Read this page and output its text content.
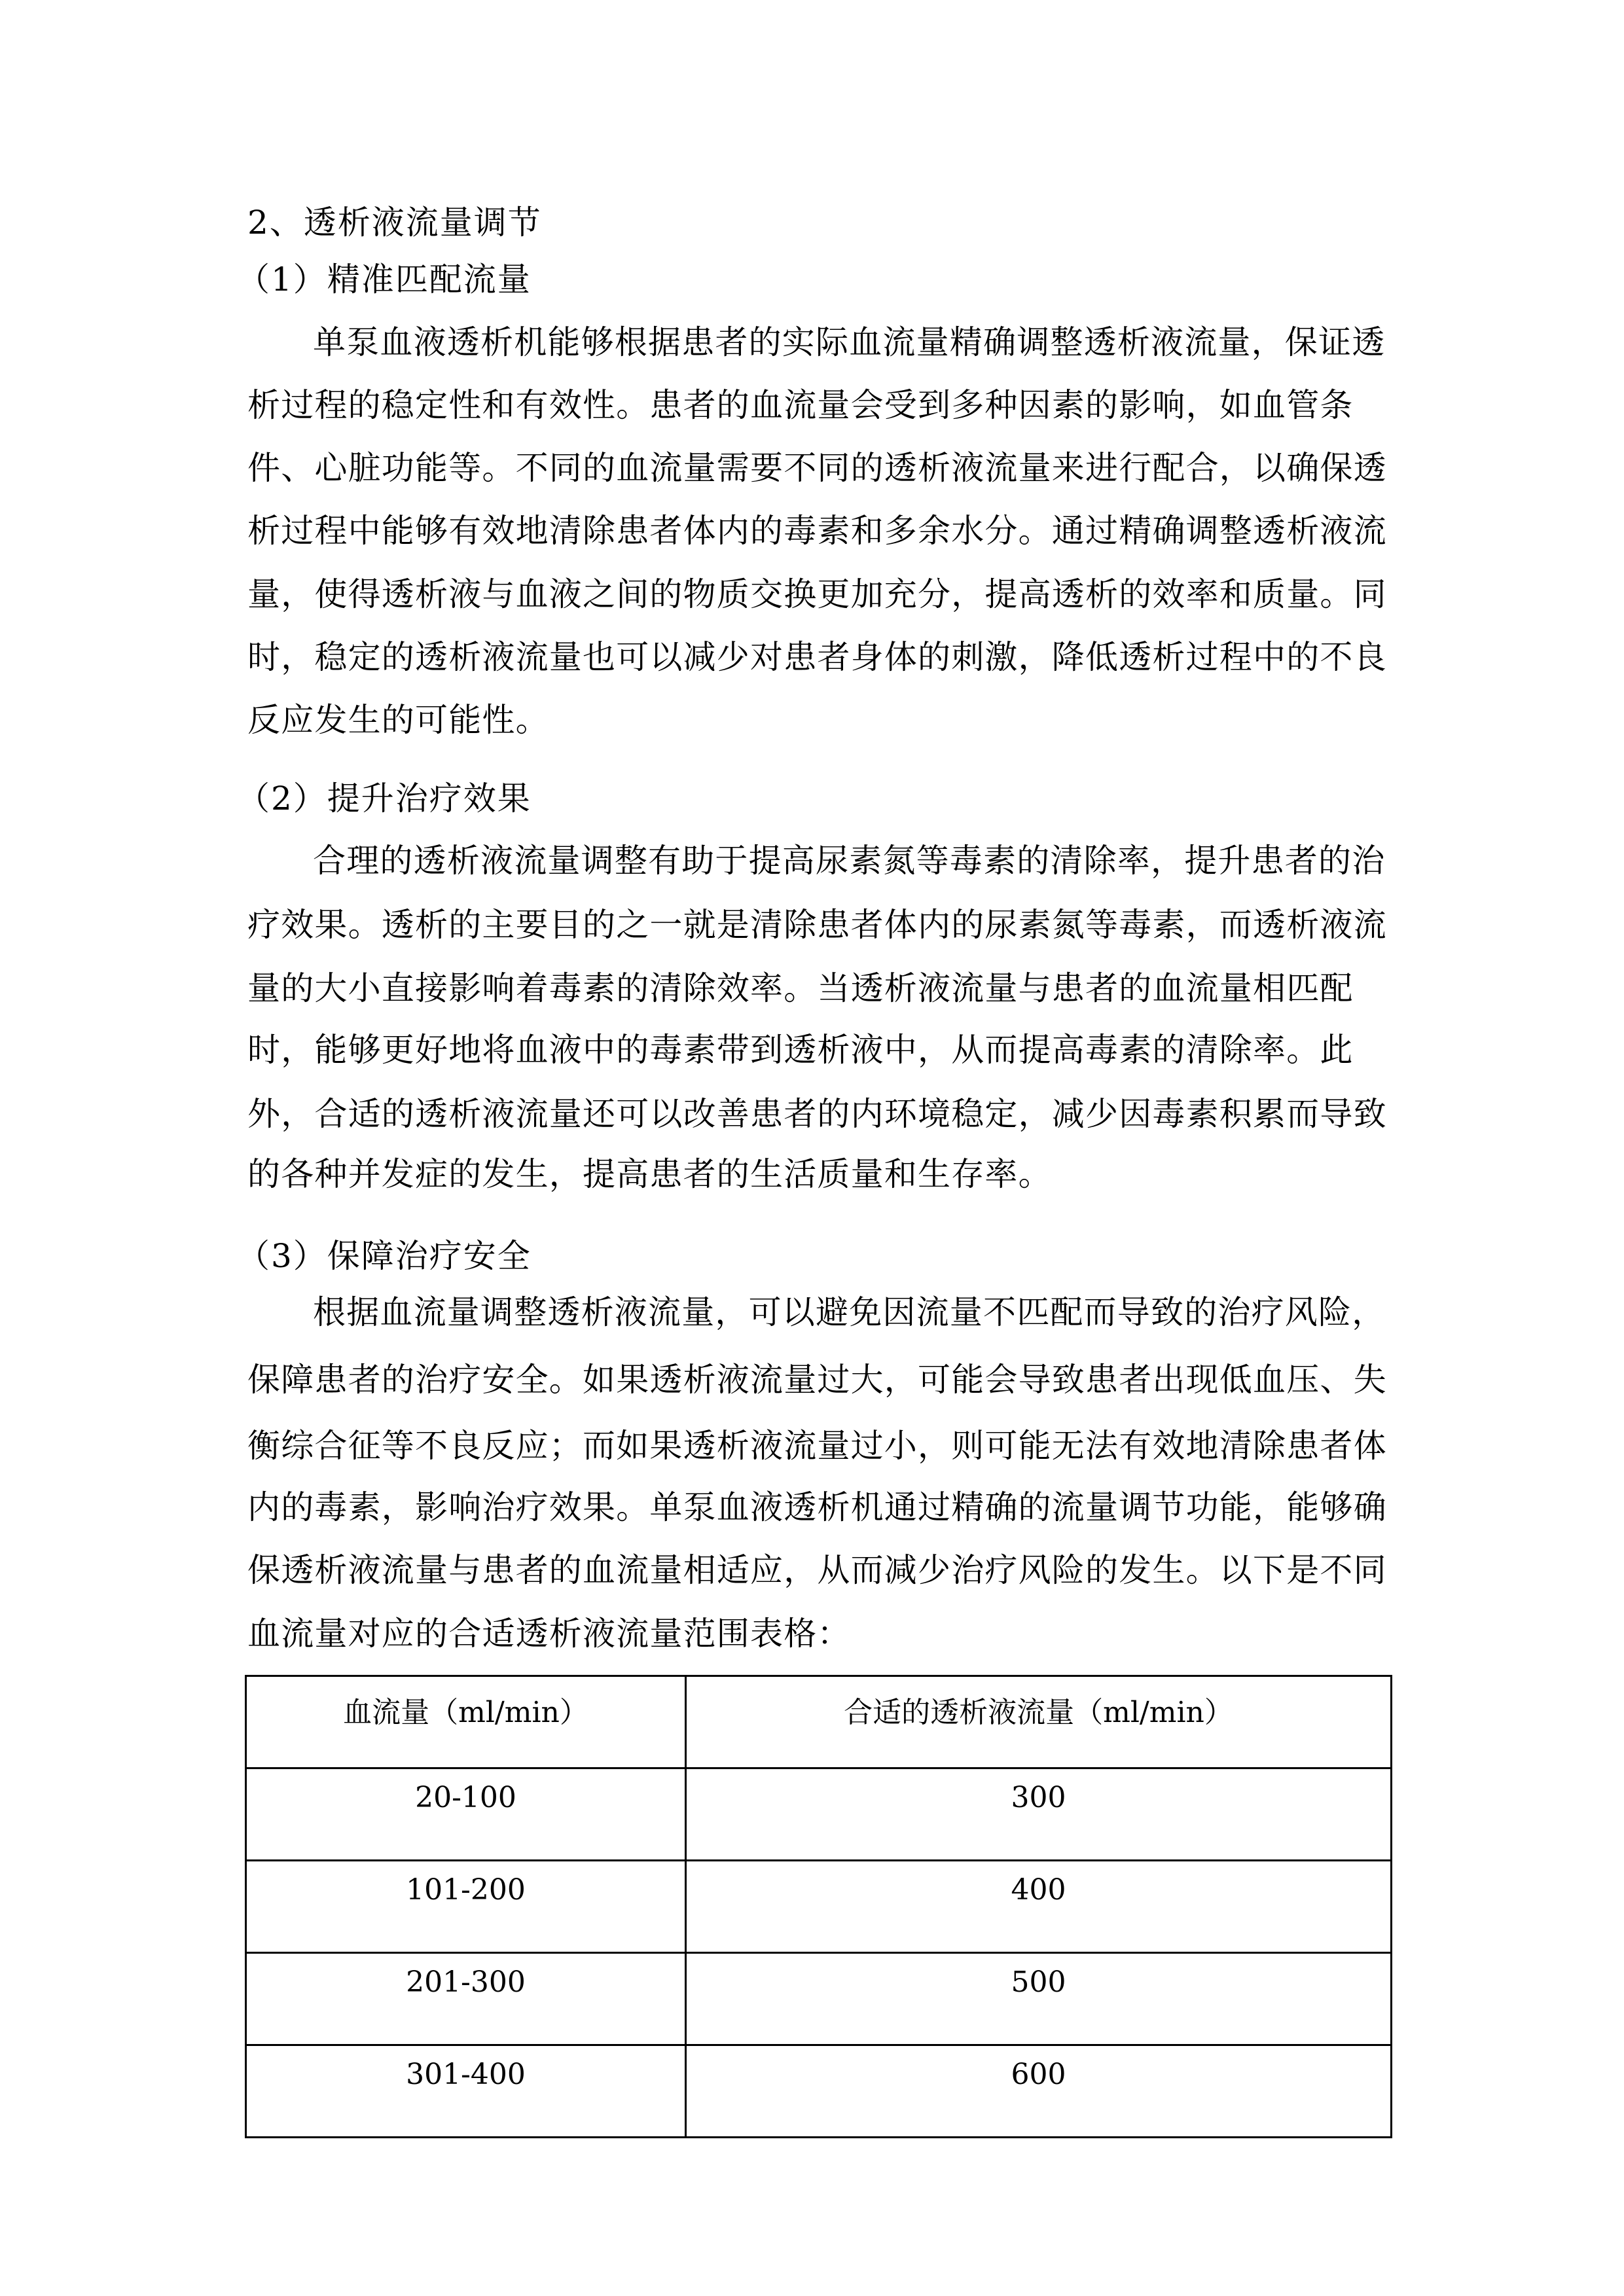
2、透析液流量调节
（1）精准匹配流量
单泵血液透析机能够根据患者的实际血流量精确调整透析液流量，保证透
析过程的稳定性和有效性。患者的血流量会受到多种因素的影响，如血管条
件、心脏功能等。不同的血流量需要不同的透析液流量来进行配合，以确保透
析过程中能够有效地清除患者体内的毒素和多余水分。通过精确调整透析液流
量，使得透析液与血液之间的物质交换更加充分，提高透析的效率和质量。同
时，稳定的透析液流量也可以减少对患者身体的刺激，降低透析过程中的不良
反应发生的可能性。
（2）提升治疗效果
合理的透析液流量调整有助于提高尿素氮等毒素的清除率，提升患者的治
疗效果。透析的主要目的之一就是清除患者体内的尿素氮等毒素，而透析液流
量的大小直接影响着毒素的清除效率。当透析液流量与患者的血流量相匹配
时，能够更好地将血液中的毒素带到透析液中，从而提高毒素的清除率。此
外，合适的透析液流量还可以改善患者的内环境稳定，减少因毒素积累而导致
的各种并发症的发生，提高患者的生活质量和生存率。
（3）保障治疗安全
根据血流量调整透析液流量，可以避免因流量不匹配而导致的治疗风险，
保障患者的治疗安全。如果透析液流量过大，可能会导致患者出现低血压、失
衡综合征等不良反应；而如果透析液流量过小，则可能无法有效地清除患者体
内的毒素，影响治疗效果。单泵血液透析机通过精确的流量调节功能，能够确
保透析液流量与患者的血流量相适应，从而减少治疗风险的发生。以下是不同
血流量对应的合适透析液流量范围表格：
血流量（ml/min）	合适的透析液流量（ml/min）
20-100	300
101-200	400
201-300	500
301-400	600
